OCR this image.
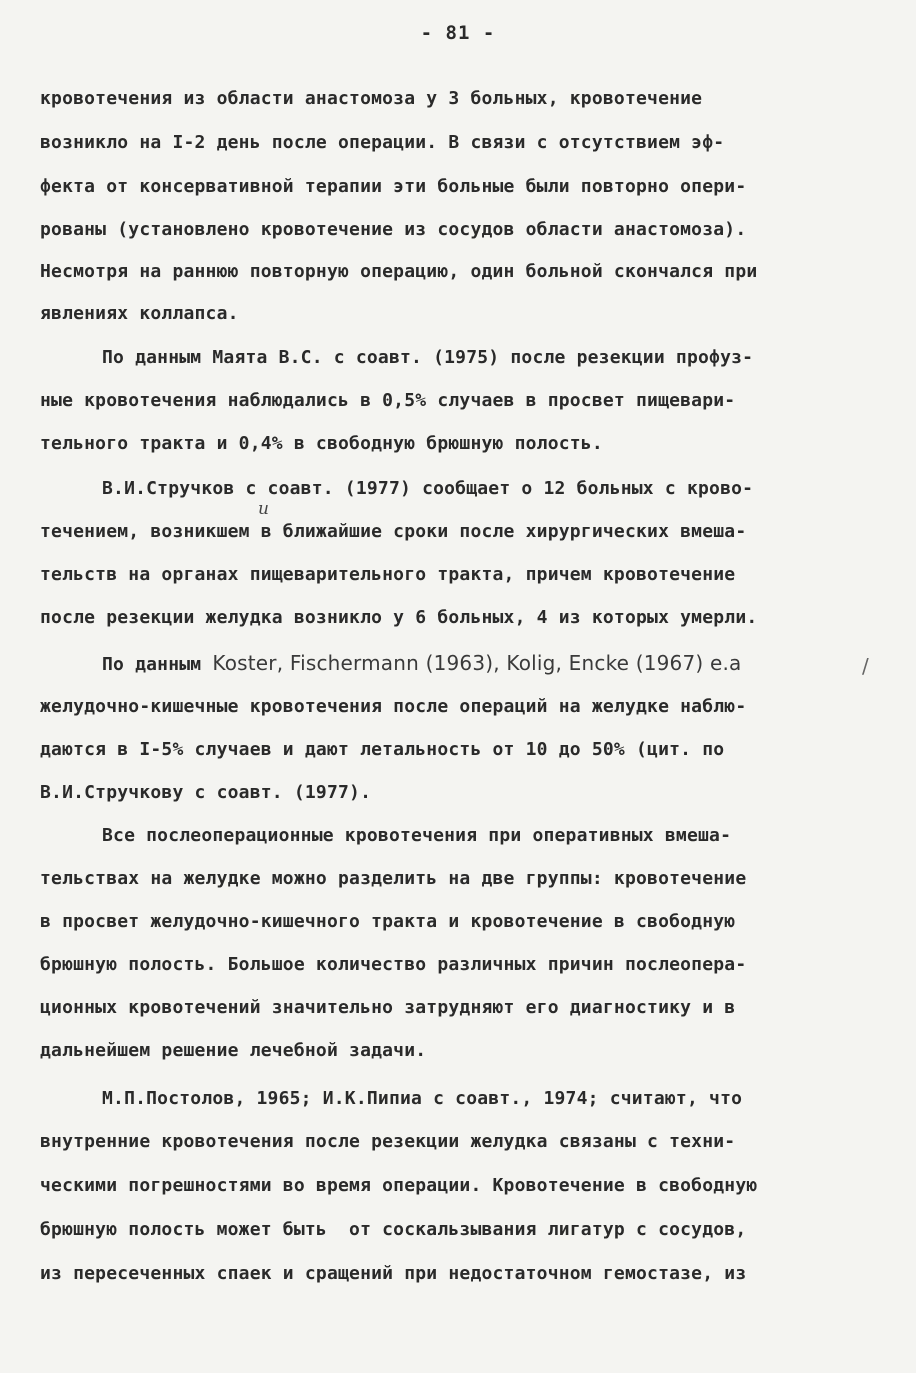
- 81 -
кровотечения из области анастомоза у 3 больных, кровотечение
возникло на I-2 день после операции. В связи с отсутствием эф-
фекта от консервативной терапии эти больные были повторно опери-
рованы (установлено кровотечение из сосудов области анастомоза).
Несмотря на раннюю повторную операцию, один больной скончался при
явлениях коллапса.
По данным Маята В.С. с соавт. (1975) после резекции профуз-
ные кровотечения наблюдались в 0,5% случаев в просвет пищевари-
тельного тракта и 0,4% в свободную брюшную полость.
В.И.Стручков с соавт. (1977) сообщает о 12 больных с крово-
и
течением, возникшем в ближайшие сроки после хирургических вмеша-
тельств на органах пищеварительного тракта, причем кровотечение
после резекции желудка возникло у 6 больных, 4 из которых умерли.
По данным Koster, Fischermann (1963), Kolig, Encke (1967) e.a	/
желудочно-кишечные кровотечения после операций на желудке наблю-
даются в I-5% случаев и дают летальность от 10 до 50% (цит. по
В.И.Стручкову с соавт. (1977).
Все послеоперационные кровотечения при оперативных вмеша-
тельствах на желудке можно разделить на две группы: кровотечение
в просвет желудочно-кишечного тракта и кровотечение в свободную
брюшную полость. Большое количество различных причин послеопера-
ционных кровотечений значительно затрудняют его диагностику и в
дальнейшем решение лечебной задачи.
М.П.Постолов, 1965; И.К.Пипиа с соавт., 1974; считают, что
внутренние кровотечения после резекции желудка связаны с техни-
ческими погрешностями во время операции. Кровотечение в свободную
брюшную полость может быть  от соскальзывания лигатур с сосудов,
из пересеченных спаек и сращений при недостаточном гемостазе, из
